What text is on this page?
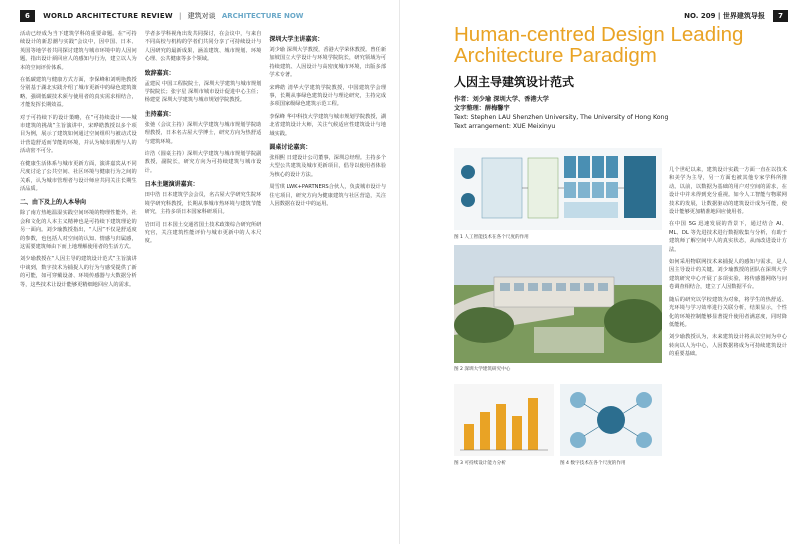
6 WORLD ARCHITECTURE REVIEW | 建筑对谈 ARCHITECTURE NOW

活动已经成为当下建筑学科的重要命题。在“可持续设计的新思潮与实践”会议中，因中国、日本、英国等地学者共同探讨建筑与城市环境中的人因问题，指出设计须回应人的感知与行为，建立以人为本的空间评价体系。

在低碳建筑与健康方式方面，李保峰和刘明艳教授分别基于湖北实践介绍了城市更新中的绿色建筑策略，强调低碳技术须与使用者的真实需求相结合，才能发挥长期效益。

对于可持续下的设计策略，在“可持续设计——城市建筑的挑战”主旨演讲中，宋晔皓教授以多个项目为例，展示了建筑如何通过空间组织与被动式设计营造舒适而节能的环境，并认为城市肌理与人的活动密不可分。

在健康生活体系与城市更新方面，演讲嘉宾从不同尺度讨论了公共空间、社区环境与健康行为之间的关系，认为城市管理者与设计师应共同关注长期生活品质。

二、由下及上的人本导向

除了南方热地温湿实践空间环境的物理性能外，社会和文化的人本主义精神也是可持续下建筑理论的另一面向。刘少瑜教授指出，“人因”不仅是舒适度的参数，也包括人对空间的认知、情感与归属感，这需要建筑师由下而上地理解使用者的生活方式。

刘少瑜教授在“人因主导的建筑设计范式”主旨演讲中谈到，数字技术为捕捉人的行为与感受提供了新的可能，如可穿戴设备、环境传感器与大数据分析等，这些技术让设计能够更精细地回应人的需求。

学者多学科视角出发共同探讨，在会议中，与来自不同高校与机构的学者们共同分享了可持续设计与人因研究的最新成果，涵盖建筑、城市规划、环境心理、公共健康等多个领域。

致辞嘉宾：

孟建民 中国工程院院士，深圳大学建筑与城市规划学院院长；张宇星 深圳市城市设计促进中心主任；杨建觉 深圳大学建筑与城市规划学院教授。

主持嘉宾：

张弛（会议主持）深圳大学建筑与城市规划学院助理教授，日本名古屋大学博士，研究方向为热舒适与建筑环境。

许浩（圆桌主持）深圳大学建筑与城市规划学院副教授，副院长，研究方向为可持续建筑与城市设计。

日本主题演讲嘉宾：

田中浩 日本建筑学会会员，名古屋大学研究生院环境学研究科教授，长期从事城市热环境与建筑节能研究，主持多项日本国家科研项目。

岩田司 日本国土交通省国土技术政策综合研究所研究官，关注建筑性能评价与城市更新中的人本尺度。

深圳大学主讲嘉宾：

刘少瑜 深圳大学教授，香港大学荣休教授。曾任新加坡国立大学设计与环境学院院长，研究领域为可持续建筑、人因设计与高密度城市环境，出版多部学术专著。

宋晔皓 清华大学建筑学院教授，中国建筑学会理事，长期从事绿色建筑设计与理论研究，主持完成多项国家级绿色建筑示范工程。

李保峰 华中科技大学建筑与城市规划学院教授，湖北省建筑设计大师，关注气候适应性建筑设计与地域实践。

圆桌讨论嘉宾：

张相熙 日建设计公司董事，深圳总经理。主持多个大型公共建筑及城市更新项目，倡导以使用者体验为核心的设计方法。

周雪琪 LWK+PARTNERS合伙人，负责城市设计与住宅项目，研究方向为健康建筑与社区营造，关注人因数据在设计中的运用。

NO. 209 | 世界建筑导报 7
Human-centred Design Leading
Architecture Paradigm
人因主导建筑设计范式
作者：刘少瑜 深圳大学、香港大学
文字整理：薛梅馨宇
Text: Stephen LAU Shenzhen University, The University of Hong Kong
Text arrangement: XUE Meixinyu
图 1 人工智能技术在各个尺度的作用
图 2 深圳大学建筑研究中心
图 3 可持续设计能力分析	图 4 数字技术在各个尺度的作用

几个世纪以来，建筑设计实践一方面一直在以技术和美学为主导，另一方面也被其他专家学科所推动。以前，以数据为基础的用户对空间的需求，在设计中并未得到充分重视。如今人工智能与物联网技术的发展，让数据驱动的建筑设计成为可能，使设计能够更加精准地回应使用者。

在中国 5G 迅速发展的背景下，通过结合 AI、ML、DL 等先进技术进行数据收集与分析，有助于建筑师了解空间中人的真实状态，从而改进设计方法。

如何采用物联网技术来捕捉人的感知与需求，是人因主导设计的关键。刘少瑜教授的团队在深圳大学建筑研究中心开展了多项实验，将传感器网络与问卷调查相结合，建立了人因数据平台。

随后的研究以学校建筑为对象，将学生的热舒适、光环境与学习效率进行关联分析，结果显示，个性化的环境控制能够显著提升使用者满意度，同时降低能耗。

刘少瑜教授认为，未来建筑设计将从以空间为中心转向以人为中心，人因数据将成为可持续建筑设计的重要基础。
